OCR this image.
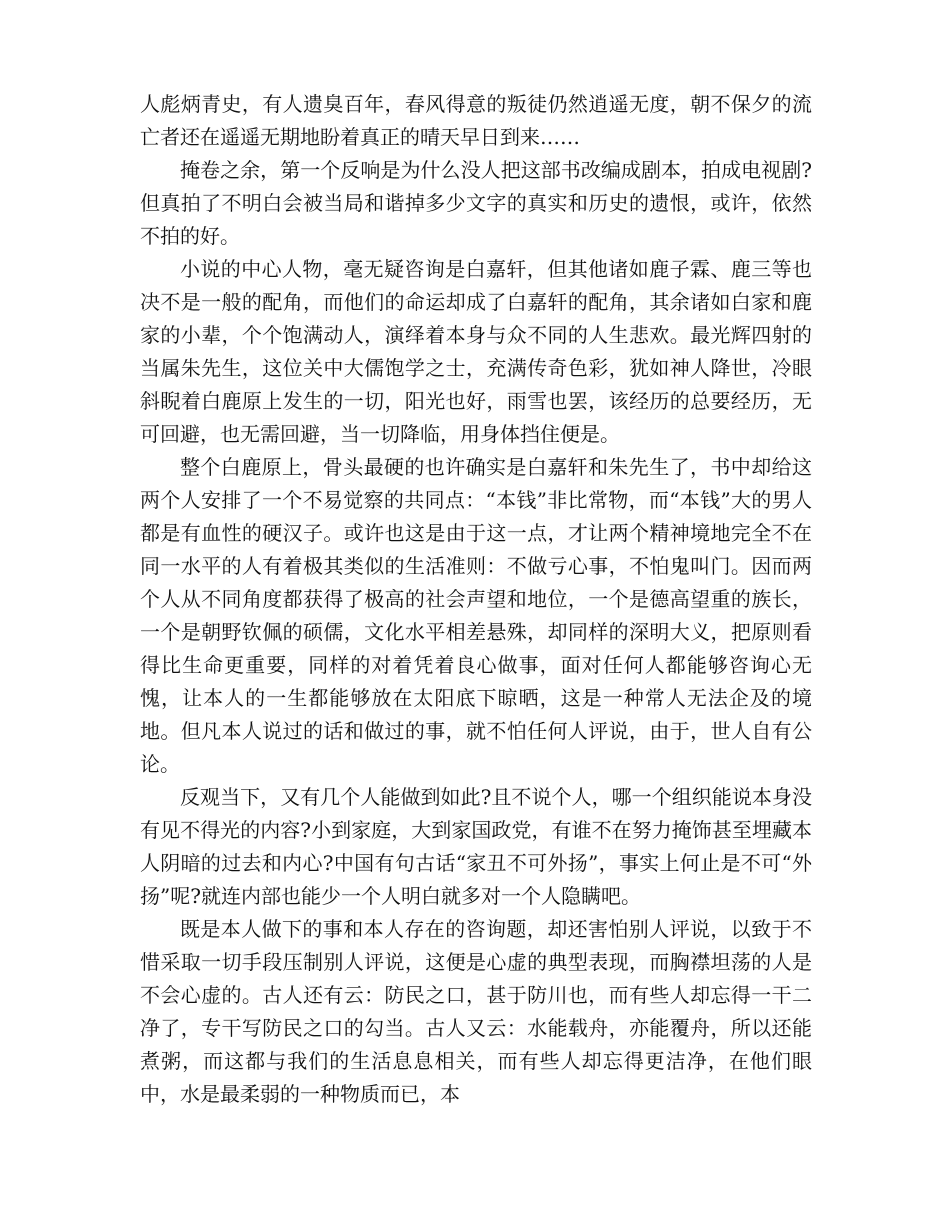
人彪炳青史，有人遗臭百年，春风得意的叛徒仍然逍遥无度，朝不保夕的流亡者还在遥遥无期地盼着真正的晴天早日到来……

掩卷之余，第一个反响是为什么没人把这部书改编成剧本，拍成电视剧?但真拍了不明白会被当局和谐掉多少文字的真实和历史的遗恨，或许，依然不拍的好。

小说的中心人物，毫无疑咨询是白嘉轩，但其他诸如鹿子霖、鹿三等也决不是一般的配角，而他们的命运却成了白嘉轩的配角，其余诸如白家和鹿家的小辈，个个饱满动人，演绎着本身与众不同的人生悲欢。最光辉四射的当属朱先生，这位关中大儒饱学之士，充满传奇色彩，犹如神人降世，冷眼斜睨着白鹿原上发生的一切，阳光也好，雨雪也罢，该经历的总要经历，无可回避，也无需回避，当一切降临，用身体挡住便是。

整个白鹿原上，骨头最硬的也许确实是白嘉轩和朱先生了，书中却给这两个人安排了一个不易觉察的共同点：“本钱”非比常物，而“本钱”大的男人都是有血性的硬汉子。或许也这是由于这一点，才让两个精神境地完全不在同一水平的人有着极其类似的生活准则：不做亏心事，不怕鬼叫门。因而两个人从不同角度都获得了极高的社会声望和地位，一个是德高望重的族长，一个是朝野钦佩的硕儒，文化水平相差悬殊，却同样的深明大义，把原则看得比生命更重要，同样的对着凭着良心做事，面对任何人都能够咨询心无愧，让本人的一生都能够放在太阳底下晾晒，这是一种常人无法企及的境地。但凡本人说过的话和做过的事，就不怕任何人评说，由于，世人自有公论。

反观当下，又有几个人能做到如此?且不说个人，哪一个组织能说本身没有见不得光的内容?小到家庭，大到家国政党，有谁不在努力掩饰甚至埋藏本人阴暗的过去和内心?中国有句古话“家丑不可外扬”，事实上何止是不可“外扬”呢?就连内部也能少一个人明白就多对一个人隐瞒吧。

既是本人做下的事和本人存在的咨询题，却还害怕别人评说，以致于不惜采取一切手段压制别人评说，这便是心虚的典型表现，而胸襟坦荡的人是不会心虚的。古人还有云：防民之口，甚于防川也，而有些人却忘得一干二净了，专干写防民之口的勾当。古人又云：水能载舟，亦能覆舟，所以还能煮粥，而这都与我们的生活息息相关，而有些人却忘得更洁净，在他们眼中，水是最柔弱的一种物质而已，本
